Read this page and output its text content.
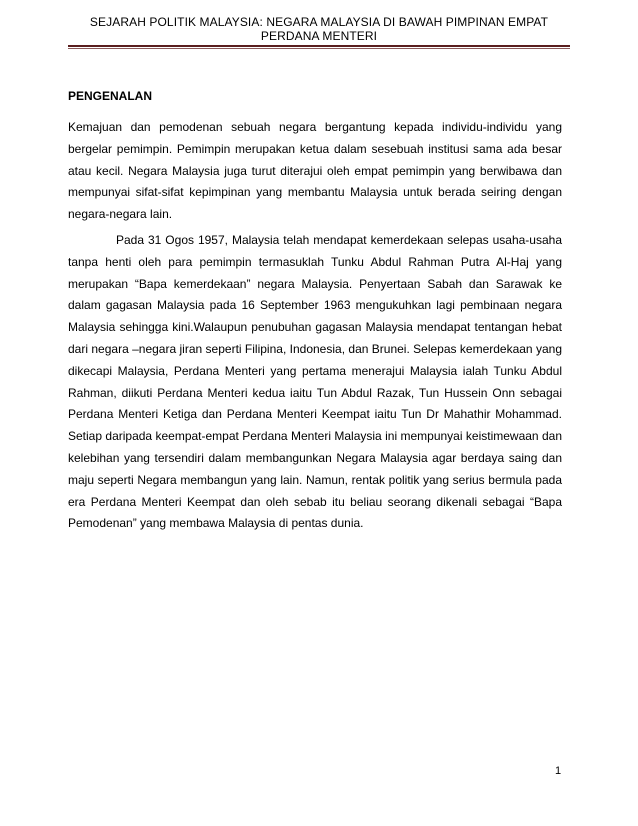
SEJARAH POLITIK MALAYSIA: NEGARA MALAYSIA DI BAWAH PIMPINAN EMPAT
PERDANA MENTERI
PENGENALAN

Kemajuan dan pemodenan sebuah negara bergantung kepada individu-individu yang bergelar pemimpin. Pemimpin merupakan ketua dalam sesebuah institusi sama ada besar atau kecil. Negara Malaysia juga turut diterajui oleh empat pemimpin yang berwibawa dan mempunyai sifat-sifat kepimpinan yang membantu Malaysia untuk berada seiring dengan negara-negara lain.

Pada 31 Ogos 1957, Malaysia telah mendapat kemerdekaan selepas usaha-usaha tanpa henti oleh para pemimpin termasuklah Tunku Abdul Rahman Putra Al-Haj yang merupakan “Bapa kemerdekaan” negara Malaysia. Penyertaan Sabah dan Sarawak ke dalam gagasan Malaysia pada 16 September 1963 mengukuhkan lagi pembinaan negara Malaysia sehingga kini.Walaupun penubuhan gagasan Malaysia mendapat tentangan hebat dari negara –negara jiran seperti Filipina, Indonesia, dan Brunei. Selepas kemerdekaan yang dikecapi Malaysia, Perdana Menteri yang pertama menerajui Malaysia ialah Tunku Abdul Rahman, diikuti Perdana Menteri kedua iaitu Tun Abdul Razak, Tun Hussein Onn sebagai Perdana Menteri Ketiga dan Perdana Menteri Keempat iaitu Tun Dr Mahathir Mohammad. Setiap daripada keempat-empat Perdana Menteri Malaysia ini mempunyai keistimewaan dan kelebihan yang tersendiri dalam membangunkan Negara Malaysia agar berdaya saing dan maju seperti Negara membangun yang lain. Namun, rentak politik yang serius bermula pada era Perdana Menteri Keempat dan oleh sebab itu beliau seorang dikenali sebagai “Bapa Pemodenan” yang membawa Malaysia di pentas dunia.

1
